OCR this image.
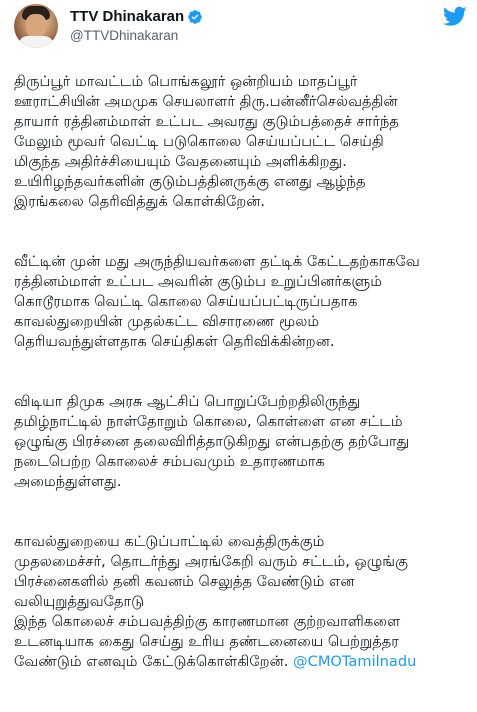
TTV Dhinakaran
@TTVDhinakaran

திருப்பூர் மாவட்டம் பொங்கலூர் ஒன்றியம் மாதப்பூர்
ஊராட்சியின் அமமுக செயலாளர் திரு.பன்னீர்செல்வத்தின்
தாயார் ரத்தினம்மாள் உட்பட அவரது குடும்பத்தைச் சார்ந்த
மேலும் மூவர் வெட்டி படுகொலை செய்யப்பட்ட செய்தி
மிகுந்த அதிர்ச்சியையும் வேதனையும் அளிக்கிறது.
உயிரிழந்தவர்களின் குடும்பத்தினருக்கு எனது ஆழ்ந்த
இரங்கலை தெரிவித்துக் கொள்கிறேன்.

வீட்டின் முன் மது அருந்தியவர்களை தட்டிக் கேட்டதற்காகவே
ரத்தினம்மாள் உட்பட அவரின் குடும்ப உறுப்பினர்களும்
கொடூரமாக வெட்டி கொலை செய்யப்பட்டிருப்பதாக
காவல்துறையின் முதல்கட்ட விசாரணை மூலம்
தெரியவந்துள்ளதாக செய்திகள் தெரிவிக்கின்றன.

விடியா திமுக அரசு ஆட்சிப் பொறுப்பேற்றதிலிருந்து
தமிழ்நாட்டில் நாள்தோறும் கொலை, கொள்ளை என சட்டம்
ஒழுங்கு பிரச்னை தலைவிரித்தாடுகிறது என்பதற்கு தற்போது
நடைபெற்ற கொலைச் சம்பவமும் உதாரணமாக
அமைந்துள்ளது.

காவல்துறையை கட்டுப்பாட்டில் வைத்திருக்கும்
முதலமைச்சர், தொடர்ந்து அரங்கேறி வரும் சட்டம், ஒழுங்கு
பிரச்னைகளில் தனி கவனம் செலுத்த வேண்டும் என
வலியுறுத்துவதோடு
இந்த கொலைச் சம்பவத்திற்கு காரணமான குற்றவாளிகளை
உடனடியாக கைது செய்து உரிய தண்டனையை பெற்றுத்தர
வேண்டும் எனவும் கேட்டுக்கொள்கிறேன். @CMOTamilnadu
